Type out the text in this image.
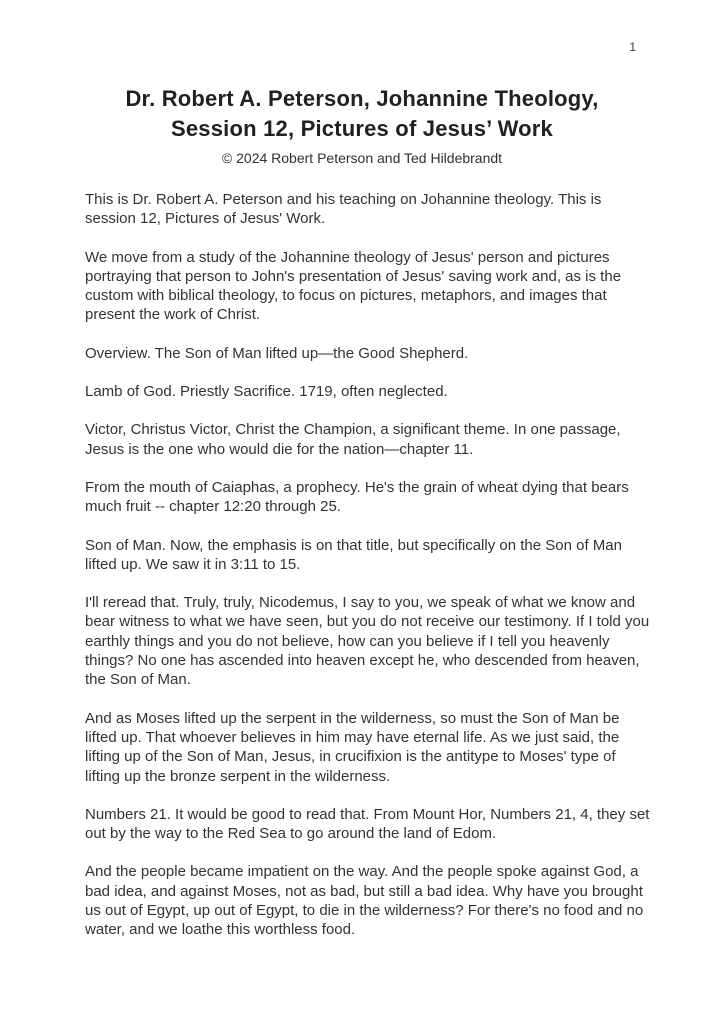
1
Dr. Robert A. Peterson, Johannine Theology,
Session 12, Pictures of Jesus’ Work
© 2024 Robert Peterson and Ted Hildebrandt

This is Dr. Robert A. Peterson and his teaching on Johannine theology. This is session 12, Pictures of Jesus' Work.

We move from a study of the Johannine theology of Jesus' person and pictures portraying that person to John's presentation of Jesus' saving work and, as is the custom with biblical theology, to focus on pictures, metaphors, and images that present the work of Christ.

Overview. The Son of Man lifted up—the Good Shepherd.

Lamb of God. Priestly Sacrifice. 1719, often neglected.

Victor, Christus Victor, Christ the Champion, a significant theme. In one passage, Jesus is the one who would die for the nation—chapter 11.

From the mouth of Caiaphas, a prophecy. He's the grain of wheat dying that bears much fruit -- chapter 12:20 through 25.

Son of Man. Now, the emphasis is on that title, but specifically on the Son of Man lifted up. We saw it in 3:11 to 15.

I'll reread that. Truly, truly, Nicodemus, I say to you, we speak of what we know and bear witness to what we have seen, but you do not receive our testimony. If I told you earthly things and you do not believe, how can you believe if I tell you heavenly things? No one has ascended into heaven except he, who descended from heaven, the Son of Man.

And as Moses lifted up the serpent in the wilderness, so must the Son of Man be lifted up. That whoever believes in him may have eternal life. As we just said, the lifting up of the Son of Man, Jesus, in crucifixion is the antitype to Moses' type of lifting up the bronze serpent in the wilderness.

Numbers 21. It would be good to read that. From Mount Hor, Numbers 21, 4, they set out by the way to the Red Sea to go around the land of Edom.

And the people became impatient on the way. And the people spoke against God, a bad idea, and against Moses, not as bad, but still a bad idea. Why have you brought us out of Egypt, up out of Egypt, to die in the wilderness? For there's no food and no water, and we loathe this worthless food.
